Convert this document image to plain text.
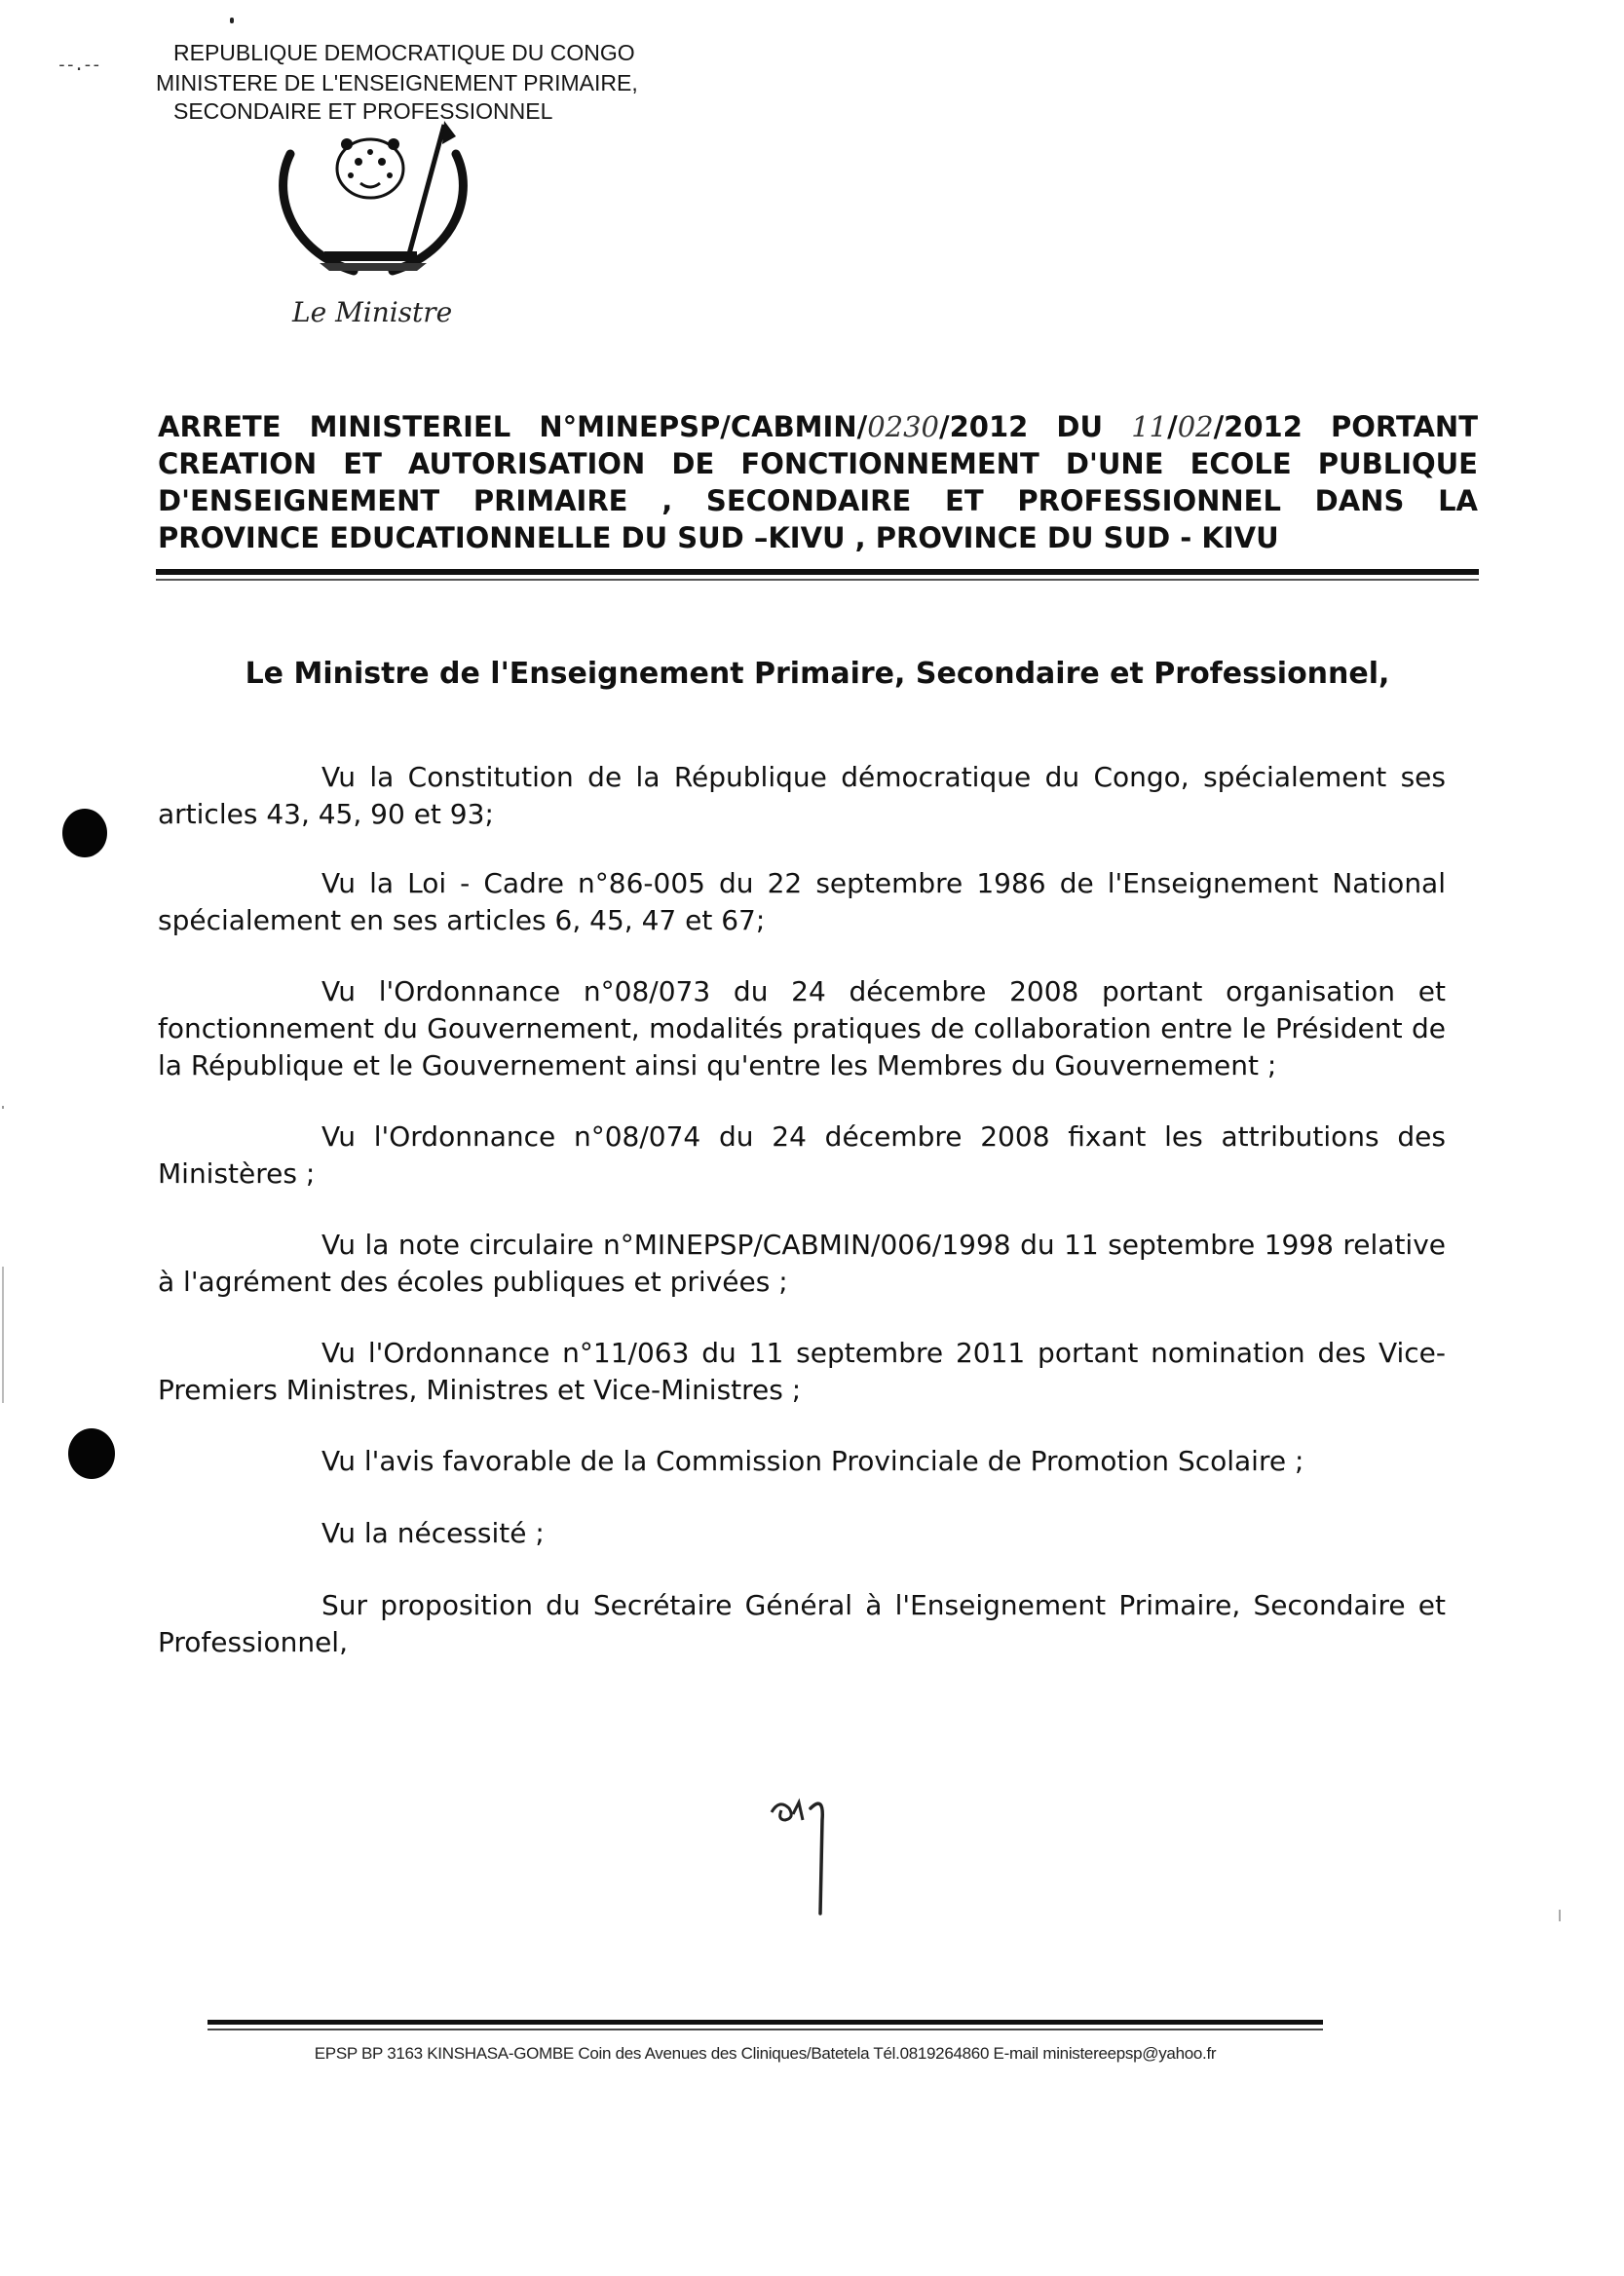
‐‐.‐‐	REPUBLIQUE DEMOCRATIQUE DU CONGO
MINISTERE DE L'ENSEIGNEMENT PRIMAIRE,
SECONDAIRE ET PROFESSIONNEL
Le Ministre
ARRETE MINISTERIEL N°MINEPSP/CABMIN/0230/2012 DU 11/02/2012 PORTANT CREATION ET AUTORISATION DE FONCTIONNEMENT D'UNE ECOLE PUBLIQUE D'ENSEIGNEMENT PRIMAIRE , SECONDAIRE ET PROFESSIONNEL DANS LA PROVINCE EDUCATIONNELLE DU SUD –KIVU , PROVINCE DU SUD - KIVU
Le Ministre de l'Enseignement Primaire, Secondaire et Professionnel,
Vu la Constitution de la République démocratique du Congo, spécialement ses articles 43, 45, 90 et 93;
Vu la Loi - Cadre n°86-005 du 22 septembre 1986 de l'Enseignement National spécialement en ses articles 6, 45, 47 et 67;
Vu l'Ordonnance n°08/073 du 24 décembre 2008 portant organisation et fonctionnement du Gouvernement, modalités pratiques de collaboration entre le Président de la République et le Gouvernement ainsi qu'entre les Membres du Gouvernement ;
Vu l'Ordonnance n°08/074 du 24 décembre 2008 fixant les attributions des Ministères ;
Vu la note circulaire n°MINEPSP/CABMIN/006/1998 du 11 septembre 1998 relative à l'agrément des écoles publiques et privées ;
Vu l'Ordonnance n°11/063 du 11 septembre 2011 portant nomination des Vice-Premiers Ministres, Ministres et Vice-Ministres ;
Vu l'avis favorable de la Commission Provinciale de Promotion Scolaire ;
Vu la nécessité ;
Sur proposition du Secrétaire Général à l'Enseignement Primaire, Secondaire et Professionnel,
EPSP BP 3163 KINSHASA-GOMBE Coin des Avenues des Cliniques/Batetela Tél.0819264860 E-mail ministereepsp@yahoo.fr
